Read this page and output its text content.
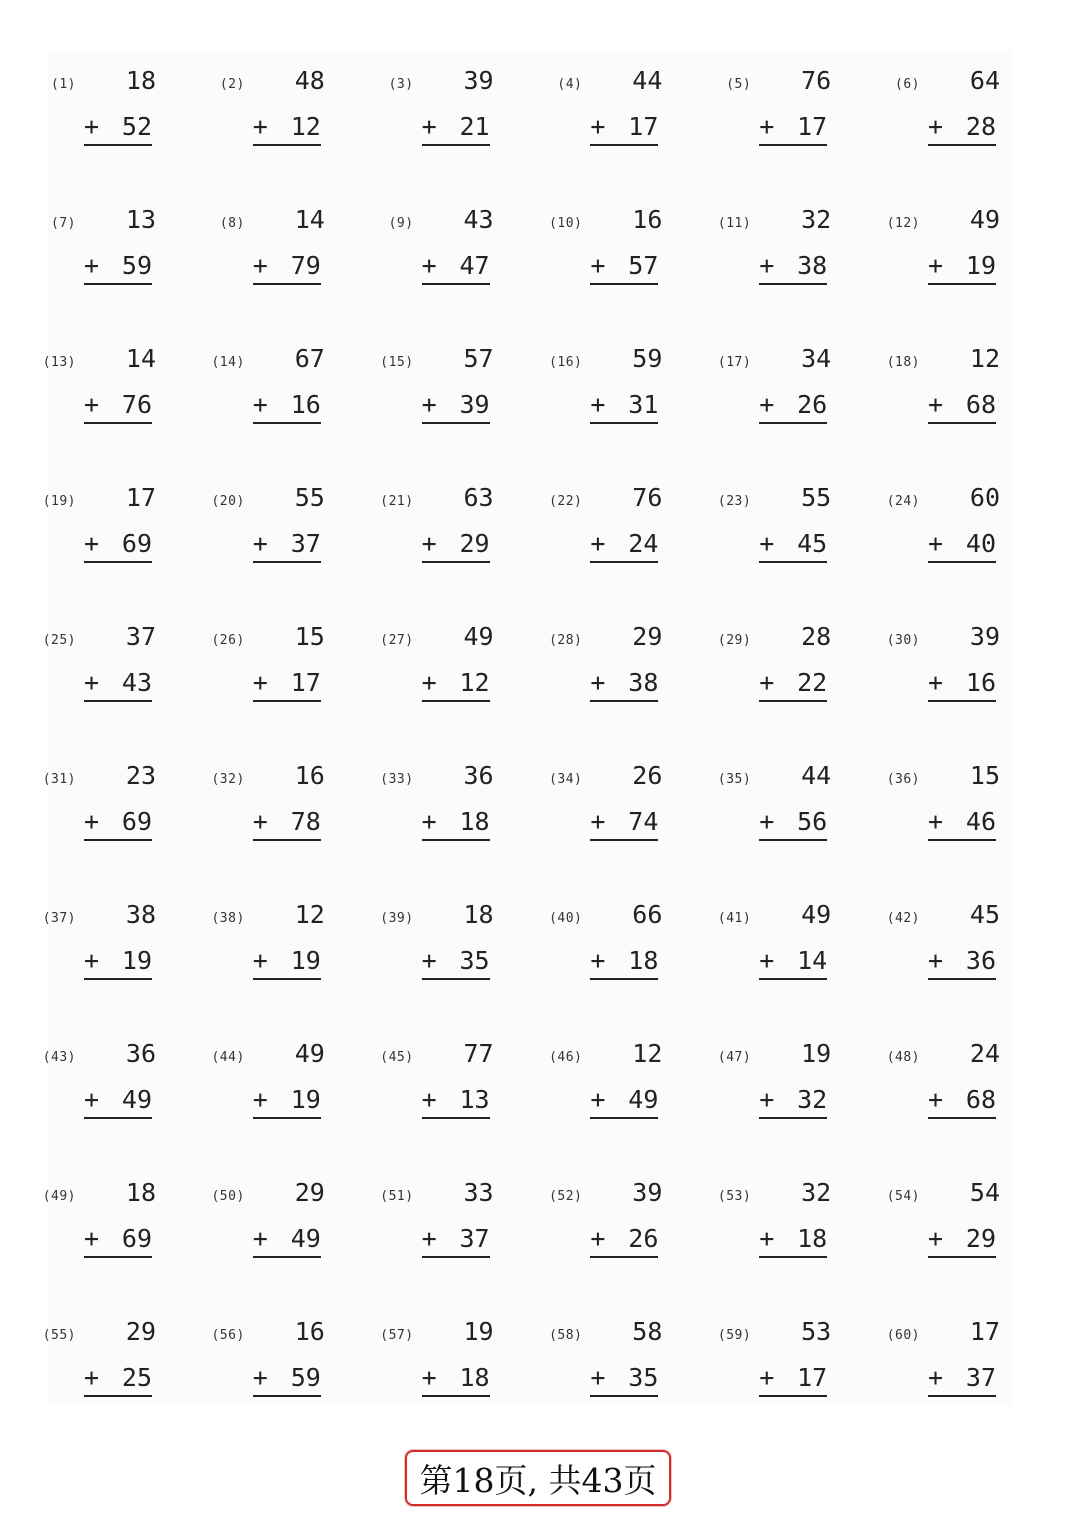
(1) 18
+ 52
(2) 48
+ 12
(3) 39
+ 21
(4) 44
+ 17
(5) 76
+ 17
(6) 64
+ 28
(7) 13
+ 59
(8) 14
+ 79
(9) 43
+ 47
(10) 16
+ 57
(11) 32
+ 38
(12) 49
+ 19
(13) 14
+ 76
(14) 67
+ 16
(15) 57
+ 39
(16) 59
+ 31
(17) 34
+ 26
(18) 12
+ 68
(19) 17
+ 69
(20) 55
+ 37
(21) 63
+ 29
(22) 76
+ 24
(23) 55
+ 45
(24) 60
+ 40
(25) 37
+ 43
(26) 15
+ 17
(27) 49
+ 12
(28) 29
+ 38
(29) 28
+ 22
(30) 39
+ 16
(31) 23
+ 69
(32) 16
+ 78
(33) 36
+ 18
(34) 26
+ 74
(35) 44
+ 56
(36) 15
+ 46
(37) 38
+ 19
(38) 12
+ 19
(39) 18
+ 35
(40) 66
+ 18
(41) 49
+ 14
(42) 45
+ 36
(43) 36
+ 49
(44) 49
+ 19
(45) 77
+ 13
(46) 12
+ 49
(47) 19
+ 32
(48) 24
+ 68
(49) 18
+ 69
(50) 29
+ 49
(51) 33
+ 37
(52) 39
+ 26
(53) 32
+ 18
(54) 54
+ 29
(55) 29
+ 25
(56) 16
+ 59
(57) 19
+ 18
(58) 58
+ 35
(59) 53
+ 17
(60) 17
+ 37
第18页, 共43页
